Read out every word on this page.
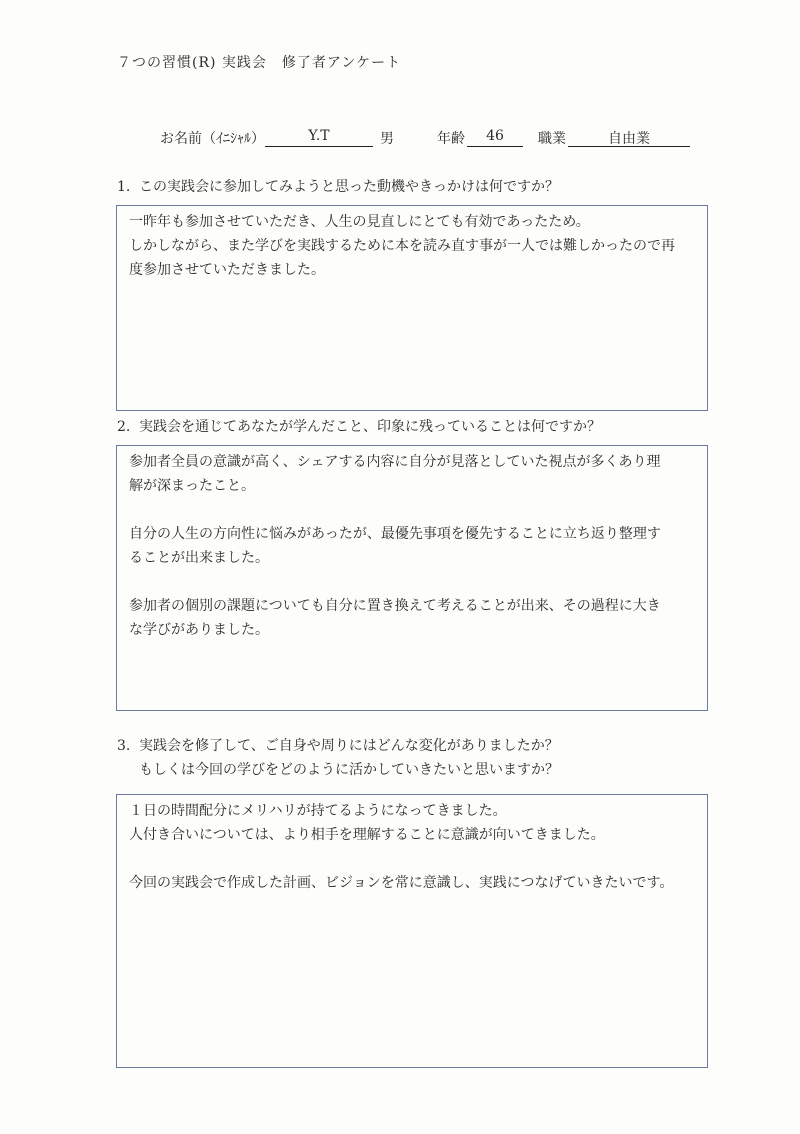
７つの習慣(R) 実践会　修了者アンケート
お名前（ｲﾆｼｬﾙ）	Y.T	男	年齢	46	職業	自由業
1. この実践会に参加してみようと思った動機やきっかけは何ですか？

一昨年も参加させていただき、人生の見直しにとても有効であったため。

しかしながら、また学びを実践するために本を読み直す事が一人では難しかったので再

度参加させていただきました。

2. 実践会を通じてあなたが学んだこと、印象に残っていることは何ですか？

参加者全員の意識が高く、シェアする内容に自分が見落としていた視点が多くあり理

解が深まったこと。

自分の人生の方向性に悩みがあったが、最優先事項を優先することに立ち返り整理す

ることが出来ました。

参加者の個別の課題についても自分に置き換えて考えることが出来、その過程に大き

な学びがありました。

3. 実践会を修了して、ご自身や周りにはどんな変化がありましたか？
もしくは今回の学びをどのように活かしていきたいと思いますか？

１日の時間配分にメリハリが持てるようになってきました。

人付き合いについては、より相手を理解することに意識が向いてきました。

今回の実践会で作成した計画、ビジョンを常に意識し、実践につなげていきたいです。
